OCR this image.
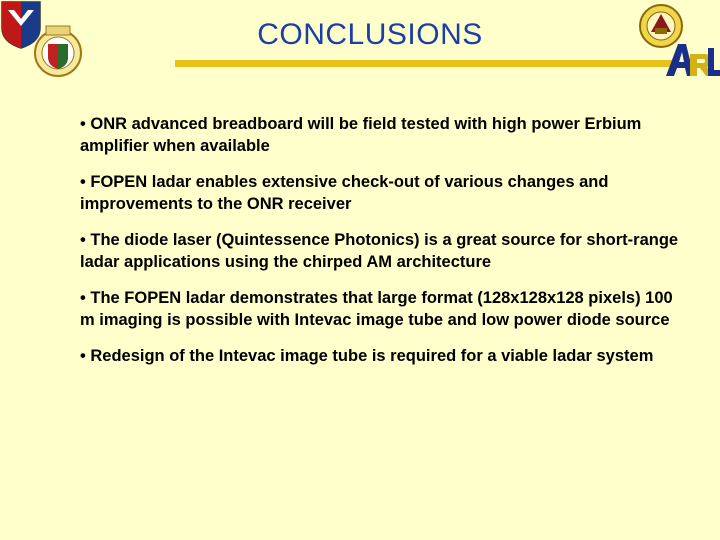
CONCLUSIONS
• ONR advanced breadboard will be field tested with high power Erbium amplifier when available
• FOPEN ladar enables extensive check-out of various changes and improvements to the ONR receiver
• The diode laser (Quintessence Photonics) is a great source for short-range ladar applications using the chirped AM architecture
• The FOPEN ladar demonstrates that large format (128x128x128 pixels) 100 m imaging is possible with Intevac image tube and low power diode source
• Redesign of the Intevac image tube is required for a viable ladar system
